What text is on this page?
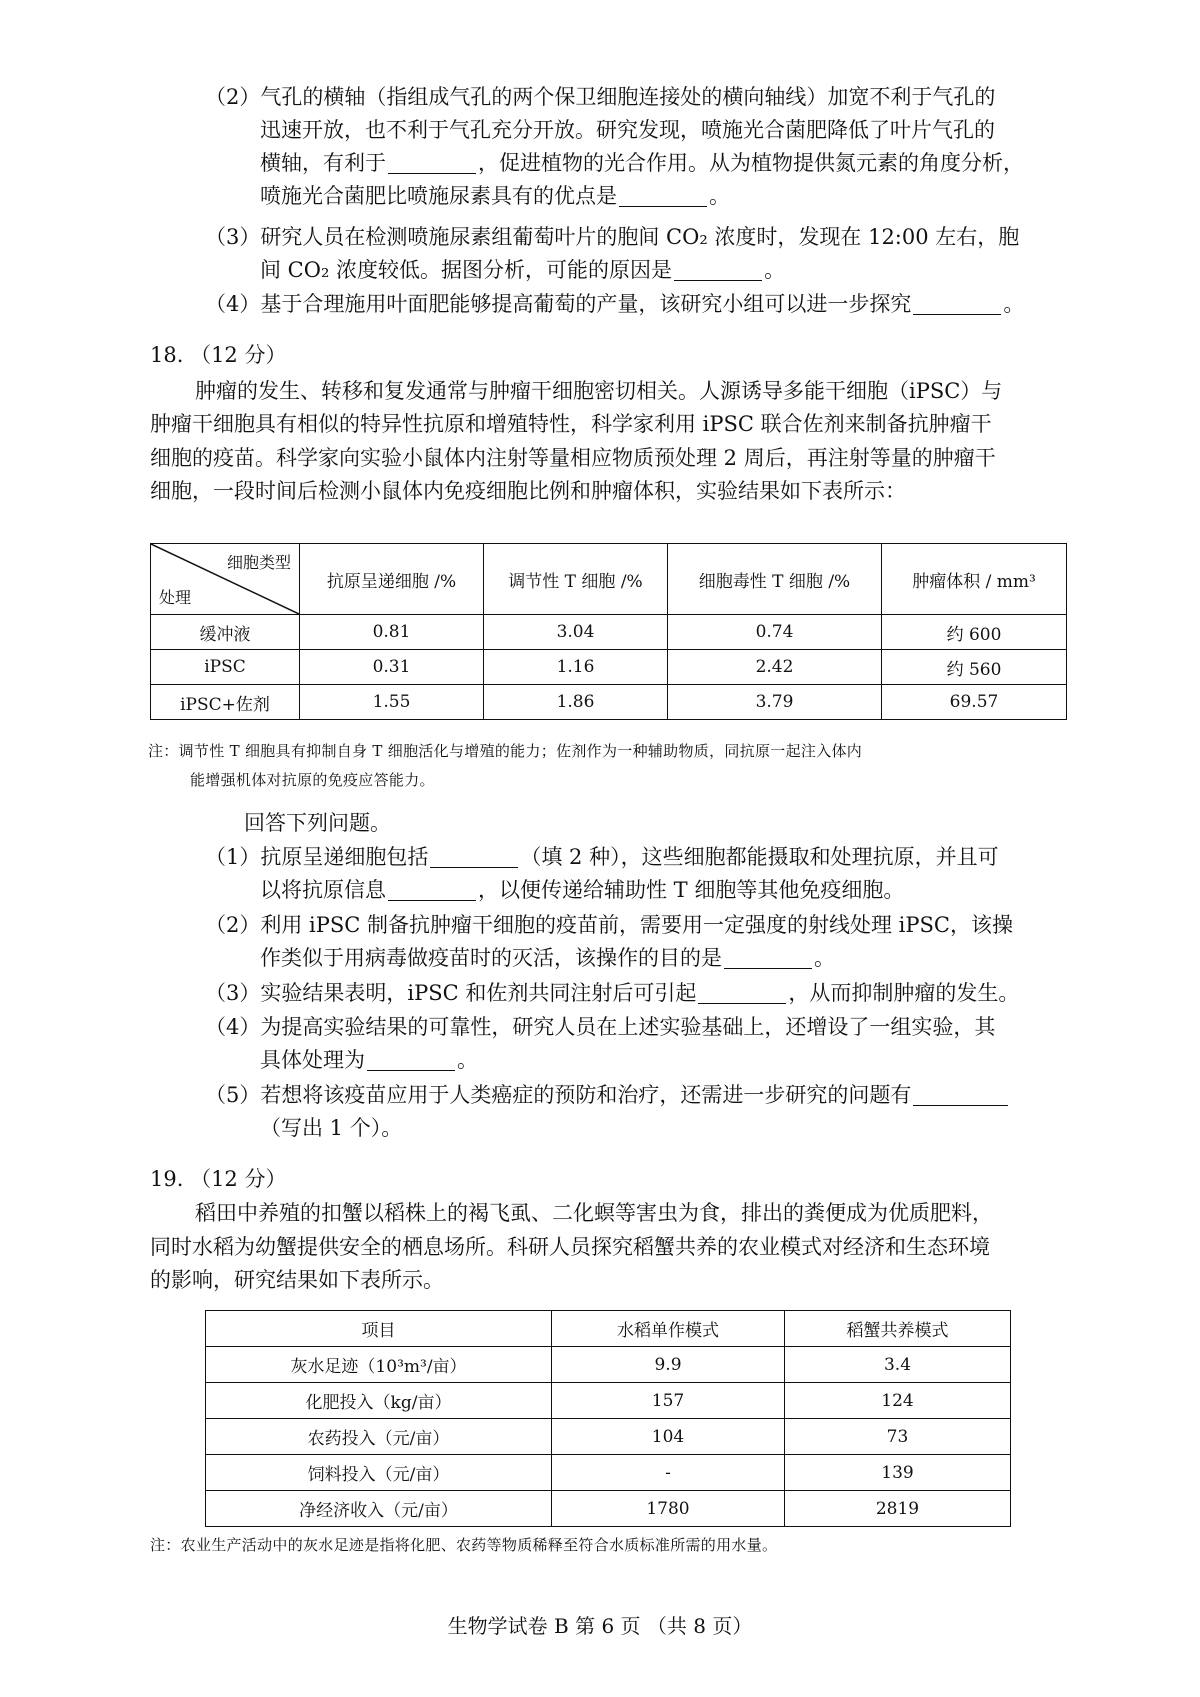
（2）气孔的横轴（指组成气孔的两个保卫细胞连接处的横向轴线）加宽不利于气孔的
迅速开放，也不利于气孔充分开放。研究发现，喷施光合菌肥降低了叶片气孔的
横轴，有利于	，促进植物的光合作用。从为植物提供氮元素的角度分析，
喷施光合菌肥比喷施尿素具有的优点是	。
（3）研究人员在检测喷施尿素组葡萄叶片的胞间 CO₂ 浓度时，发现在 12:00 左右，胞
间 CO₂ 浓度较低。据图分析，可能的原因是	。
（4）基于合理施用叶面肥能够提高葡萄的产量，该研究小组可以进一步探究	。
18. （12 分）
肿瘤的发生、转移和复发通常与肿瘤干细胞密切相关。人源诱导多能干细胞（iPSC）与
肿瘤干细胞具有相似的特异性抗原和增殖特性，科学家利用 iPSC 联合佐剂来制备抗肿瘤干
细胞的疫苗。科学家向实验小鼠体内注射等量相应物质预处理 2 周后，再注射等量的肿瘤干
细胞，一段时间后检测小鼠体内免疫细胞比例和肿瘤体积，实验结果如下表所示：
细胞类型
处理	抗原呈递细胞 /%	调节性 T 细胞 /%	细胞毒性 T 细胞 /%	肿瘤体积 / mm³
缓冲液	0.81	3.04	0.74	约 600
iPSC	0.31	1.16	2.42	约 560
iPSC+佐剂	1.55	1.86	3.79	69.57
注：调节性 T 细胞具有抑制自身 T 细胞活化与增殖的能力；佐剂作为一种辅助物质，同抗原一起注入体内
能增强机体对抗原的免疫应答能力。
回答下列问题。
（1）抗原呈递细胞包括	（填 2 种），这些细胞都能摄取和处理抗原，并且可
以将抗原信息	，以便传递给辅助性 T 细胞等其他免疫细胞。
（2）利用 iPSC 制备抗肿瘤干细胞的疫苗前，需要用一定强度的射线处理 iPSC，该操
作类似于用病毒做疫苗时的灭活，该操作的目的是	。
（3）实验结果表明，iPSC 和佐剂共同注射后可引起	，从而抑制肿瘤的发生。
（4）为提高实验结果的可靠性，研究人员在上述实验基础上，还增设了一组实验，其
具体处理为	。
（5）若想将该疫苗应用于人类癌症的预防和治疗，还需进一步研究的问题有
（写出 1 个）。
19. （12 分）
稻田中养殖的扣蟹以稻株上的褐飞虱、二化螟等害虫为食，排出的粪便成为优质肥料，
同时水稻为幼蟹提供安全的栖息场所。科研人员探究稻蟹共养的农业模式对经济和生态环境
的影响，研究结果如下表所示。
项目	水稻单作模式	稻蟹共养模式
灰水足迹（10³m³/亩）	9.9	3.4
化肥投入（kg/亩）	157	124
农药投入（元/亩）	104	73
饲料投入（元/亩）	-	139
净经济收入（元/亩）	1780	2819
注：农业生产活动中的灰水足迹是指将化肥、农药等物质稀释至符合水质标准所需的用水量。
生物学试卷 B 第 6 页 （共 8 页）
